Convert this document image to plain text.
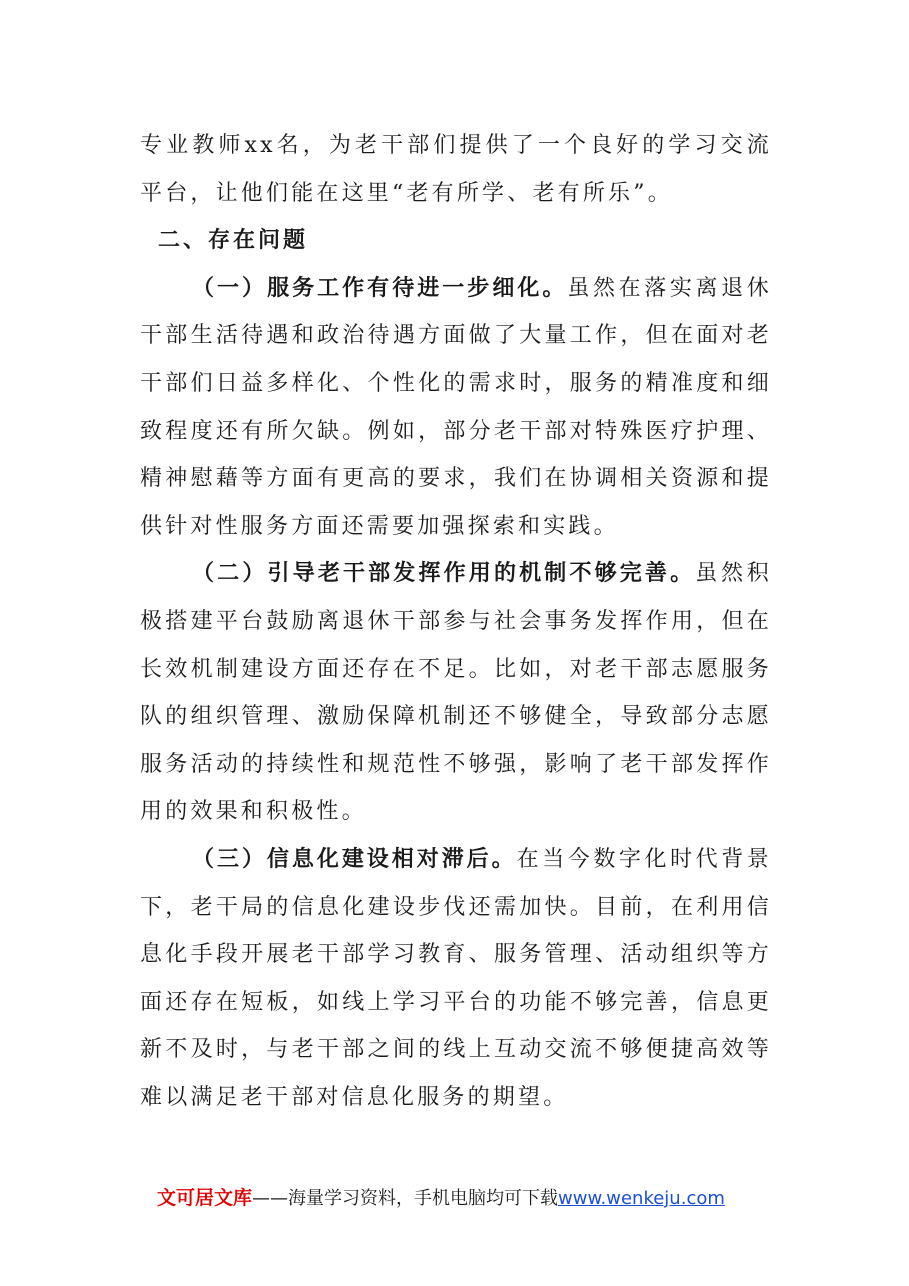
专业教师xx名，为老干部们提供了一个良好的学习交流平台，让他们能在这里“老有所学、老有所乐”。

二、存在问题

（一）服务工作有待进一步细化。虽然在落实离退休干部生活待遇和政治待遇方面做了大量工作，但在面对老干部们日益多样化、个性化的需求时，服务的精准度和细致程度还有所欠缺。例如，部分老干部对特殊医疗护理、精神慰藉等方面有更高的要求，我们在协调相关资源和提供针对性服务方面还需要加强探索和实践。

（二）引导老干部发挥作用的机制不够完善。虽然积极搭建平台鼓励离退休干部参与社会事务发挥作用，但在长效机制建设方面还存在不足。比如，对老干部志愿服务队的组织管理、激励保障机制还不够健全，导致部分志愿服务活动的持续性和规范性不够强，影响了老干部发挥作用的效果和积极性。

（三）信息化建设相对滞后。在当今数字化时代背景下，老干局的信息化建设步伐还需加快。目前，在利用信息化手段开展老干部学习教育、服务管理、活动组织等方面还存在短板，如线上学习平台的功能不够完善，信息更新不及时，与老干部之间的线上互动交流不够便捷高效等难以满足老干部对信息化服务的期望。

文可居文库——海量学习资料，手机电脑均可下载www.wenkeju.com
